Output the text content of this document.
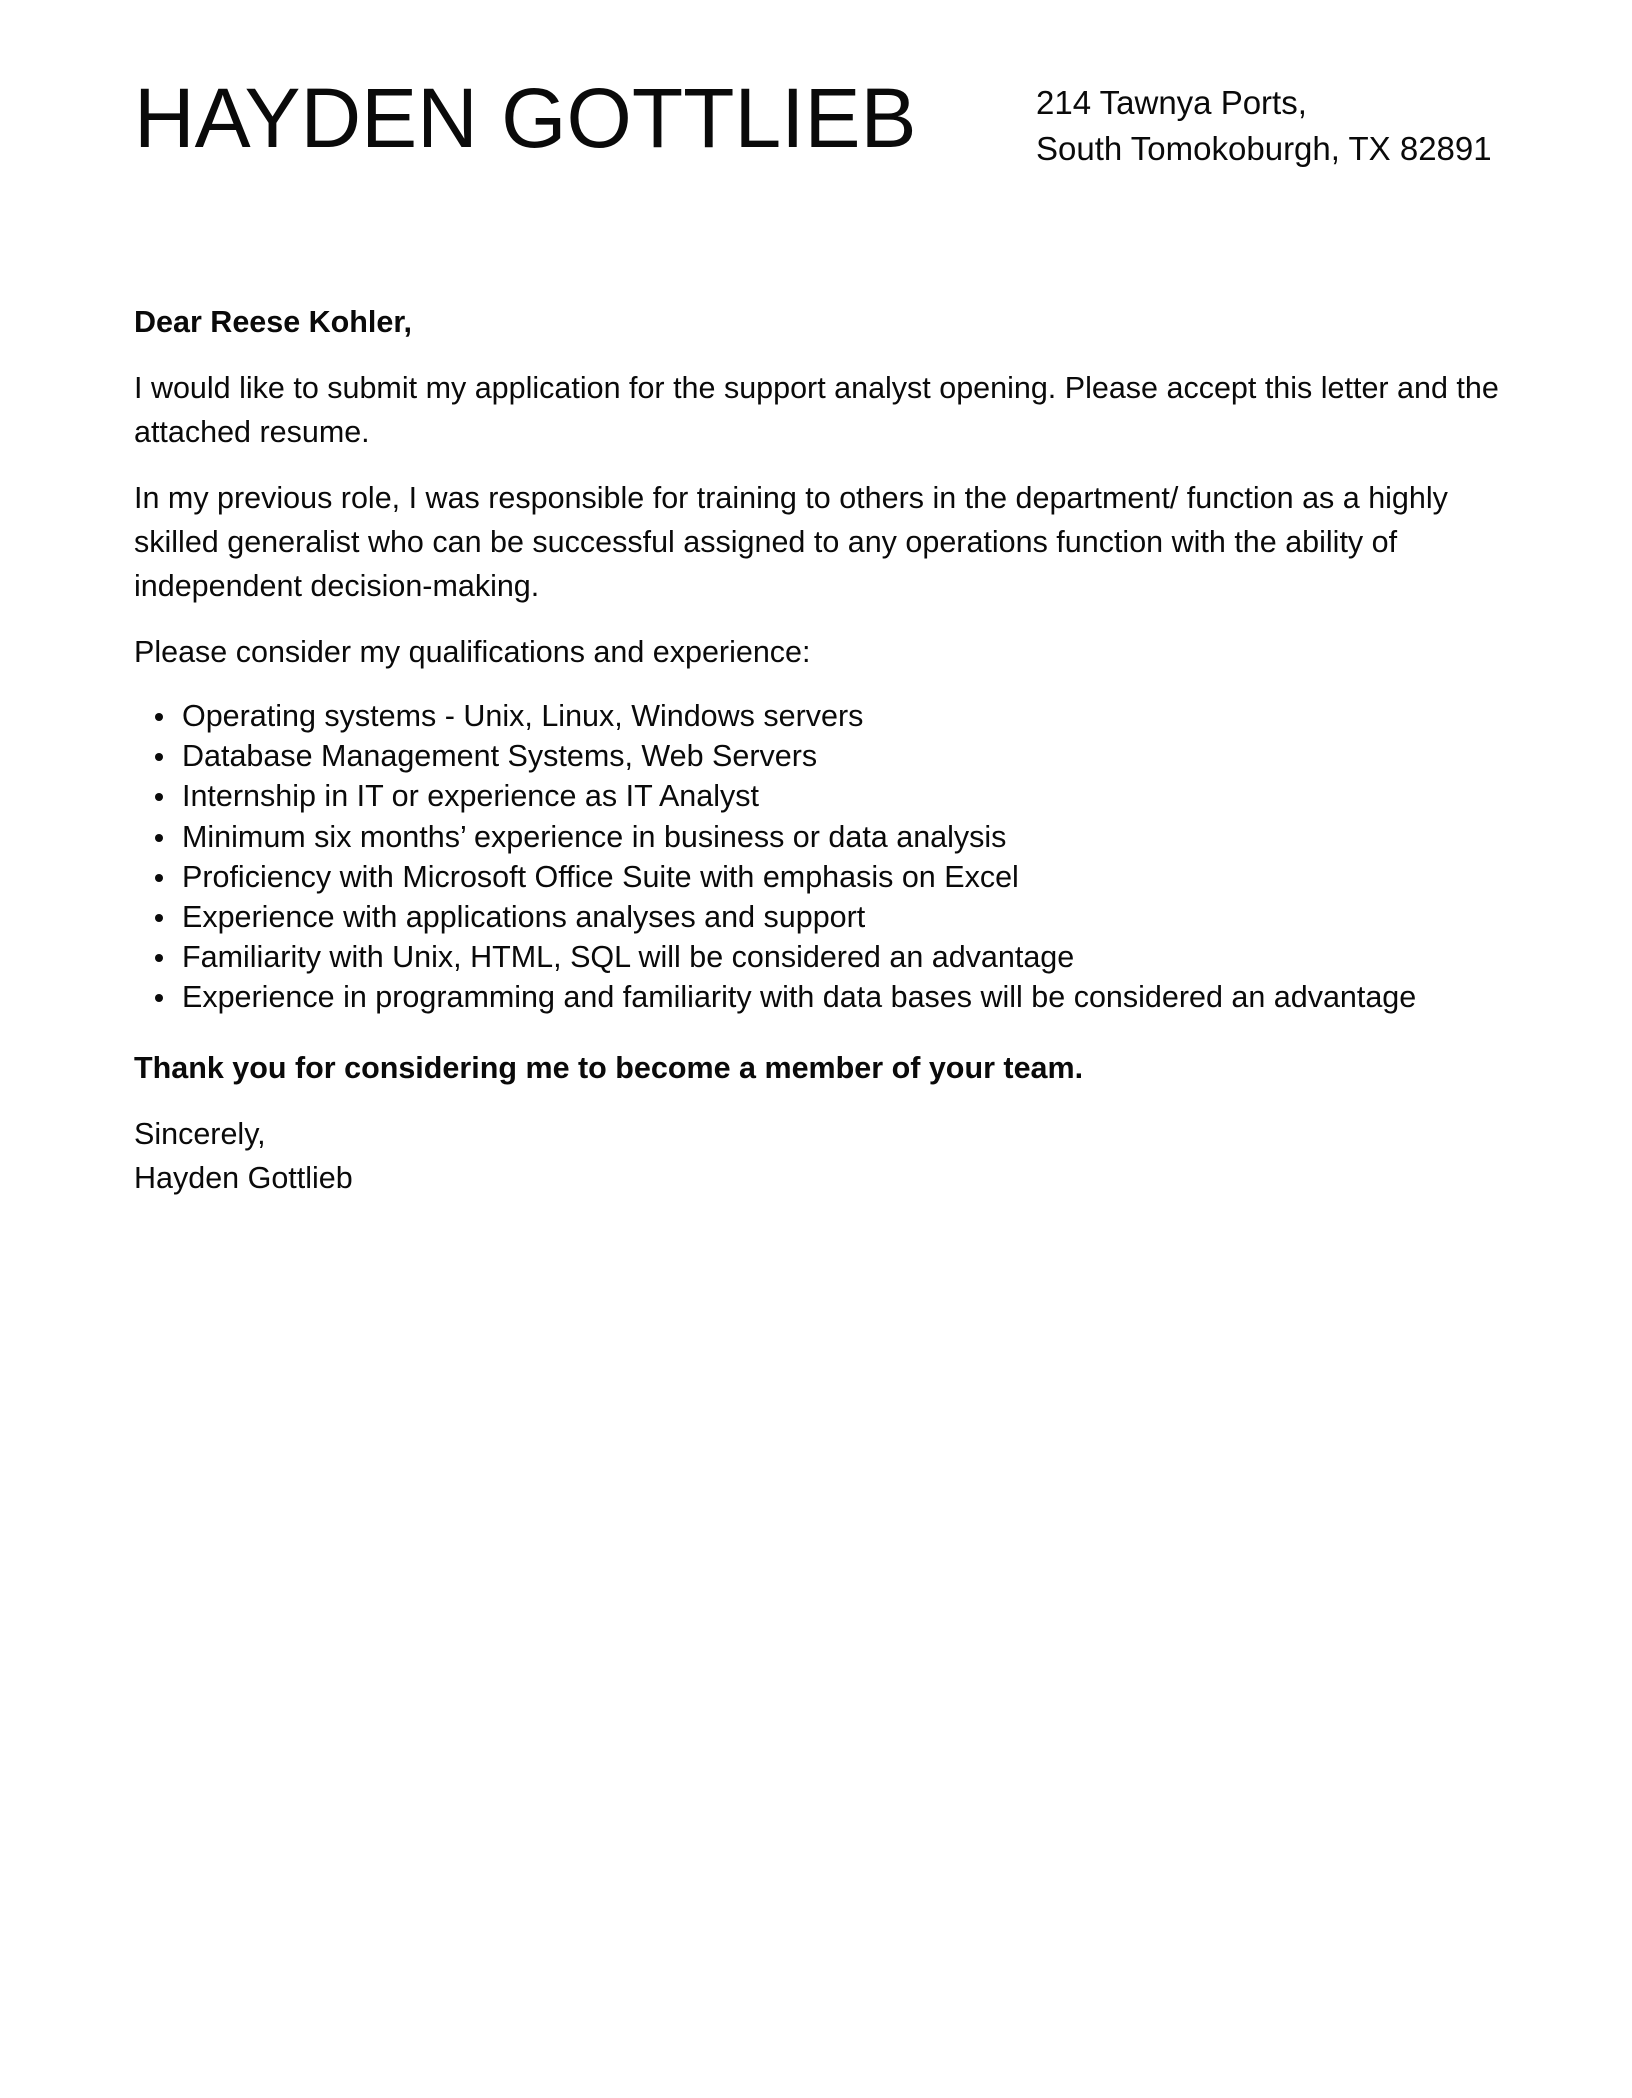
HAYDEN GOTTLIEB	214 Tawnya Ports,
South Tomokoburgh, TX 82891

Dear Reese Kohler,

I would like to submit my application for the support analyst opening. Please accept this letter and the attached resume.

In my previous role, I was responsible for training to others in the department/ function as a highly skilled generalist who can be successful assigned to any operations function with the ability of independent decision-making.

Please consider my qualifications and experience:

Operating systems - Unix, Linux, Windows servers
Database Management Systems, Web Servers
Internship in IT or experience as IT Analyst
Minimum six months’ experience in business or data analysis
Proficiency with Microsoft Office Suite with emphasis on Excel
Experience with applications analyses and support
Familiarity with Unix, HTML, SQL will be considered an advantage
Experience in programming and familiarity with data bases will be considered an advantage

Thank you for considering me to become a member of your team.

Sincerely,
Hayden Gottlieb
